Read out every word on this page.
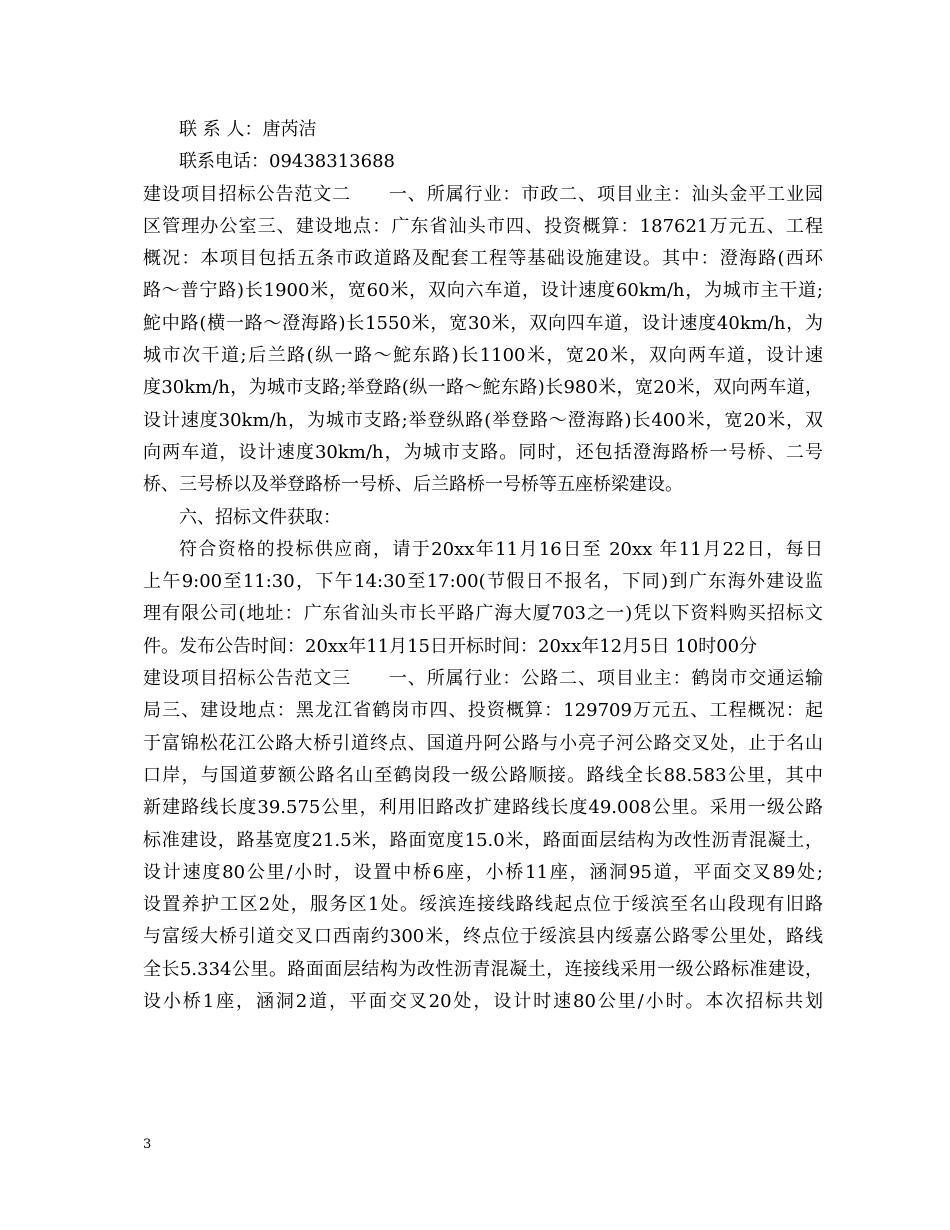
联 系 人：唐芮洁
联系电话：09438313688
建设项目招标公告范文二　　一、所属行业：市政二、项目业主：汕头金平工业园
区管理办公室三、建设地点：广东省汕头市四、投资概算：187621万元五、工程
概况：本项目包括五条市政道路及配套工程等基础设施建设。其中：澄海路(西环
路～普宁路)长1900米，宽60米，双向六车道，设计速度60km/h，为城市主干道;
鮀中路(横一路～澄海路)长1550米，宽30米，双向四车道，设计速度40km/h，为
城市次干道;后兰路(纵一路～鮀东路)长1100米，宽20米，双向两车道，设计速
度30km/h，为城市支路;举登路(纵一路～鮀东路)长980米，宽20米，双向两车道，
设计速度30km/h，为城市支路;举登纵路(举登路～澄海路)长400米，宽20米，双
向两车道，设计速度30km/h，为城市支路。同时，还包括澄海路桥一号桥、二号
桥、三号桥以及举登路桥一号桥、后兰路桥一号桥等五座桥梁建设。
六、招标文件获取：
符合资格的投标供应商，请于20xx年11月16日至 20xx 年11月22日，每日
上午9:00至11:30，下午14:30至17:00(节假日不报名，下同)到广东海外建设监
理有限公司(地址：广东省汕头市长平路广海大厦703之一)凭以下资料购买招标文
件。发布公告时间：20xx年11月15日开标时间：20xx年12月5日 10时00分
建设项目招标公告范文三　　一、所属行业：公路二、项目业主：鹤岗市交通运输
局三、建设地点：黑龙江省鹤岗市四、投资概算：129709万元五、工程概况：起
于富锦松花江公路大桥引道终点、国道丹阿公路与小亮子河公路交叉处，止于名山
口岸，与国道萝额公路名山至鹤岗段一级公路顺接。路线全长88.583公里，其中
新建路线长度39.575公里，利用旧路改扩建路线长度49.008公里。采用一级公路
标准建设，路基宽度21.5米，路面宽度15.0米，路面面层结构为改性沥青混凝土，
设计速度80公里/小时，设置中桥6座，小桥11座，涵洞95道，平面交叉89处;
设置养护工区2处，服务区1处。绥滨连接线路线起点位于绥滨至名山段现有旧路
与富绥大桥引道交叉口西南约300米，终点位于绥滨县内绥嘉公路零公里处，路线
全长5.334公里。路面面层结构为改性沥青混凝土，连接线采用一级公路标准建设，
设小桥1座，涵洞2道，平面交叉20处，设计时速80公里/小时。本次招标共划
3
